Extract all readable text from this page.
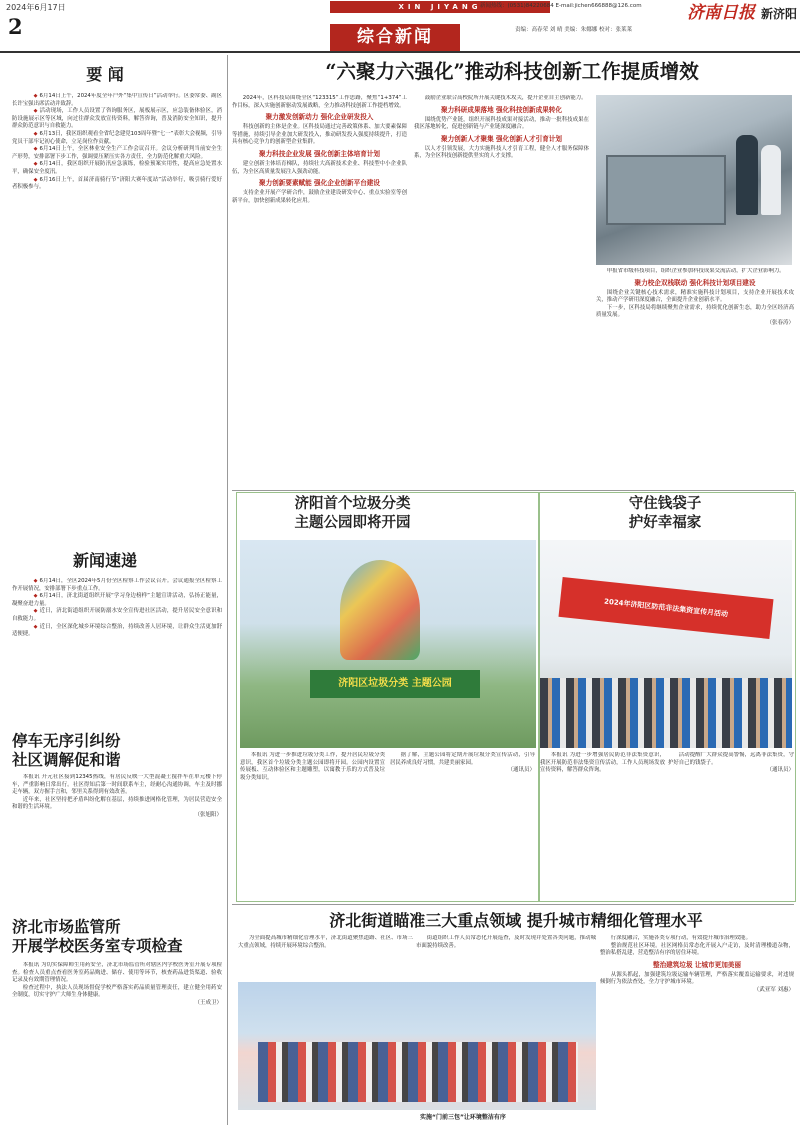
2024年6月17日
2
XIN JIYANG
新闻热线：(0531)84220684 E-mail:jichen666888@126.com	济南日报 新济阳
综合新闻	责编：高春荣 刘 晴 美编：朱娜娜 校对：张莱莱
要 闻

◆ 6月14日上午，2024年度全年户外“集中宣传日”活动举行。区委常委、副区长许宝强出席活动并致辞。

◆ 活动现场，工作人员设置了咨询服务区，展板展示区，应急装备体验区，消防设施展示区等区域，向过往群众发放宣传资料，解答咨询，普及消防安全知识，提升群众防范意识与自救能力。

◆ 6月13日，我区组织观看全省纪念建党103周年暨“七一”表彰大会视频，引导党员干部牢记初心使命，立足岗位作贡献。

◆ 6月14日上午，全区林业安全生产工作会议召开。会议分析研判当前安全生产形势，安排部署下步工作，强调要压紧压实各方责任，全力防范化解重大风险。

◆ 6月14日，我区组织开展防汛应急演练，检验预案实用性，提高应急处置水平，确保安全度汛。

◆ 6月16日上午，首届济南骑行节“济阳大赛年度站”活动举行，吸引骑行爱好者积极参与。

新闻速递

◆ 6月14日，全区2024年5月份全区检察工作会议召开。会议通报全区检察工作开展情况，安排部署下步重点工作。

◆ 6月14日，济北街道组织开展“学习身边榜样”主题宣讲活动，弘扬正能量，凝聚奋进力量。

◆ 近日，济北街道组织开展防溺水安全宣传进社区活动，提升居民安全意识和自救能力。

◆ 近日，全区深化城乡环境综合整治，持续改善人居环境，让群众生活更加舒适便捷。

停车无序引纠纷
社区调解促和谐

本报讯 开元社区接到12345热线，有居民反映一大型混凝土搅拌车在单元楼下停车，严重影响日常出行。社区得知后第一时间联系车主，经耐心沟通协调，车主及时挪走车辆，双方握手言和，邻里关系得到有效改善。

近年来，社区坚持把矛盾纠纷化解在基层，持续推进网格化管理，为居民营造安全和谐的生活环境。

（张旭阳）
济北市场监管所
开展学校医务室专项检查

本报讯 为切实保障师生用药安全，济北市场监管所对辖区内学校医务室开展专项检查。检查人员重点查看医务室药品购进、储存、使用等环节，核查药品进货渠道、验收记录及有效期管理情况。

检查过程中，执法人员现场督促学校严格落实药品质量管理责任，建立健全用药安全制度，切实守护广大师生身体健康。

（王成卫）
“六聚力六强化”推动科技创新工作提质增效

2024年，区科技局围绕全区“123315”工作思路，聚焦“1+374”工作目标，深入实施创新驱动发展战略，全力推动科技创新工作提档增效。

聚力激发创新动力 强化企业研发投入

科技创新的主体是企业。区科技局通过完善政策体系、加大要素保障等措施，持续引导企业加大研发投入，推动研发投入强度持续提升，打造具有核心竞争力的创新型企业集群。

聚力科技企业发展 强化创新主体培育计划

建立创新主体培育梯队，持续壮大高新技术企业、科技型中小企业队伍，为全区高质量发展注入强劲动能。

聚力创新要素赋能 强化企业创新平台建设

支持企业开展产学研合作，鼓励企业建设研发中心、重点实验室等创新平台，加快创新成果转化应用。

鼓励企业联合高校院所开展关键技术攻关，提升企业自主创新能力。

聚力科研成果落地 强化科技创新成果转化

围绕优势产业链，组织开展科技成果对接活动，推动一批科技成果在我区落地转化，促进创新链与产业链深度融合。

聚力创新人才聚集 强化创新人才引育计划

以人才引领发展，大力实施科技人才引育工程，健全人才服务保障体系，为全区科技创新提供坚实的人才支撑。

申报省市级科技项目，组织企业参加科技成果交流活动，扩大企业影响力。

聚力校企双栈联动 强化科技计划项目建设

围绕企业关键核心技术需求，精准实施科技计划项目，支持企业开展技术攻关，推动产学研用深度融合，全面提升企业创新水平。

下一步，区科技局将继续聚焦企业需求，持续优化创新生态，助力全区经济高质量发展。

（张春涛）
济阳首个垃圾分类
主题公园即将开园
守住钱袋子
护好幸福家
济阳区垃圾分类 主题公园
2024年济阳区防范非法集资宣传月活动

本报讯 为进一步推进垃圾分类工作，提升居民垃圾分类意识，我区首个垃圾分类主题公园即将开园。公园内设置宣传展板、互动体验区和主题雕塑，以寓教于乐的方式普及垃圾分类知识。

据了解，主题公园将定期开展垃圾分类宣传活动，引导居民养成良好习惯，共建美丽家园。

（通讯员）

本报讯 为进一步增强居民防范非法集资意识，我区开展防范非法集资宣传活动，工作人员现场发放宣传资料，解答群众咨询。

活动提醒广大群众提高警惕，远离非法集资，守护好自己的钱袋子。

（通讯员）
济北街道瞄准三大重点领域 提升城市精细化管理水平

为全面提高城市精细化管理水平，济北街道聚焦道路、社区、市场三大重点领域，持续开展环境综合整治。

街道组织工作人员常态化开展巡查，及时发现并处置各类问题，推动城市面貌持续改善。

实施“门前三包”让环境整洁有序

行深度融合，实施各类专项行动，有效提升城市治理效能。

整治规范社区环境。社区网格员常态化开展入户走访，及时清理楼道杂物，整治私搭乱建，营造整洁有序的居住环境。

整治建筑垃圾 让城市更加美丽

从源头抓起，加强建筑垃圾运输车辆管理，严格落实覆盖运输要求，对违规倾倒行为依法查处，全力守护城市环境。

（武亚军 刘惠）
